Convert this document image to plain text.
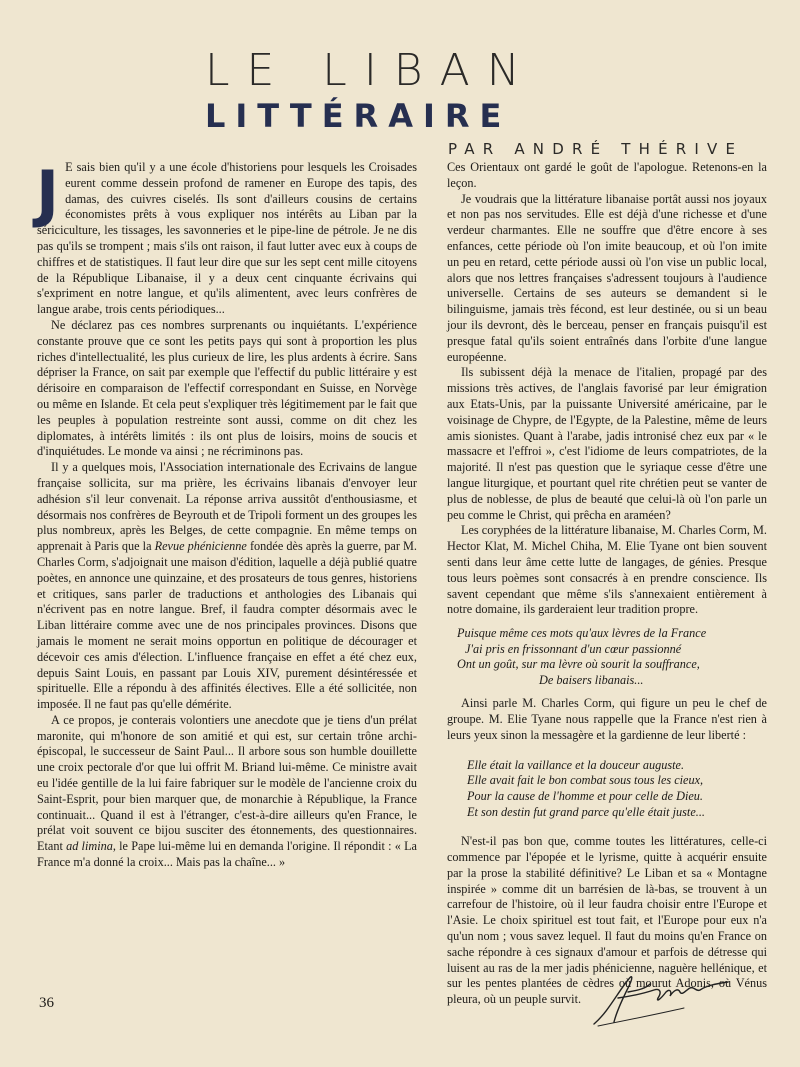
LE LIBAN
LITTÉRAIRE
PAR ANDRÉ THÉRIVE

J E sais bien qu'il y a une école d'historiens pour lesquels les Croisades eurent comme dessein profond de ramener en Europe des tapis, des damas, des cuivres ciselés. Ils sont d'ailleurs cousins de certains économistes prêts à vous expliquer nos intérêts au Liban par la sériciculture, les tissages, les savonneries et le pipe-line de pétrole. Je ne dis pas qu'ils se trompent ; mais s'ils ont raison, il faut lutter avec eux à coups de chiffres et de statistiques. Il faut leur dire que sur les sept cent mille citoyens de la République Libanaise, il y a deux cent cinquante écrivains qui s'expriment en notre langue, et qu'ils alimentent, avec leurs confrères de langue arabe, trois cents périodiques...

Ne déclarez pas ces nombres surprenants ou inquiétants. L'expérience constante prouve que ce sont les petits pays qui sont à proportion les plus riches d'intellectualité, les plus curieux de lire, les plus ardents à écrire. Sans dépriser la France, on sait par exemple que l'effectif du public littéraire y est dérisoire en comparaison de l'effectif correspondant en Suisse, en Norvège ou même en Islande. Et cela peut s'expliquer très légitimement par le fait que les peuples à population restreinte sont aussi, comme on dit chez les diplomates, à intérêts limités : ils ont plus de loisirs, moins de soucis et d'inquiétudes. Le monde va ainsi ; ne récriminons pas.

Il y a quelques mois, l'Association internationale des Ecrivains de langue française sollicita, sur ma prière, les écrivains libanais d'envoyer leur adhésion s'il leur convenait. La réponse arriva aussitôt d'enthousiasme, et désormais nos confrères de Beyrouth et de Tripoli forment un des groupes les plus nombreux, après les Belges, de cette compagnie. En même temps on apprenait à Paris que la Revue phénicienne fondée dès après la guerre, par M. Charles Corm, s'adjoignait une maison d'édition, laquelle a déjà publié quatre poètes, en annonce une quinzaine, et des prosateurs de tous genres, historiens et critiques, sans parler de traductions et anthologies des Libanais qui n'écrivent pas en notre langue. Bref, il faudra compter désormais avec le Liban littéraire comme avec une de nos principales provinces. Disons que jamais le moment ne serait moins opportun en politique de décourager et décevoir ces amis d'élection. L'influence française en effet a été chez eux, depuis Saint Louis, en passant par Louis XIV, purement désintéressée et spirituelle. Elle a répondu à des affinités électives. Elle a été sollicitée, non imposée. Il ne faut pas qu'elle démérite.

A ce propos, je conterais volontiers une anecdote que je tiens d'un prélat maronite, qui m'honore de son amitié et qui est, sur certain trône archi-épiscopal, le successeur de Saint Paul... Il arbore sous son humble douillette une croix pectorale d'or que lui offrit M. Briand lui-même. Ce ministre avait eu l'idée gentille de la lui faire fabriquer sur le modèle de l'ancienne croix du Saint-Esprit, pour bien marquer que, de monarchie à République, la France continuait... Quand il est à l'étranger, c'est-à-dire ailleurs qu'en France, le prélat voit souvent ce bijou susciter des étonnements, des questionnaires. Etant ad limina, le Pape lui-même lui en demanda l'origine. Il répondit : « La France m'a donné la croix... Mais pas la chaîne... »

Ces Orientaux ont gardé le goût de l'apologue. Retenons-en la leçon.

Je voudrais que la littérature libanaise portât aussi nos joyaux et non pas nos servitudes. Elle est déjà d'une richesse et d'une verdeur charmantes. Elle ne souffre que d'être encore à ses enfances, cette période où l'on imite beaucoup, et où l'on imite un peu en retard, cette période aussi où l'on vise un public local, alors que nos lettres françaises s'adressent toujours à l'audience universelle. Certains de ses auteurs se demandent si le bilinguisme, jamais très fécond, est leur destinée, ou si un beau jour ils devront, dès le berceau, penser en français puisqu'il est presque fatal qu'ils soient entraînés dans l'orbite d'une langue européenne.

Ils subissent déjà la menace de l'italien, propagé par des missions très actives, de l'anglais favorisé par leur émigration aux Etats-Unis, par la puissante Université américaine, par le voisinage de Chypre, de l'Egypte, de la Palestine, même de leurs amis sionistes. Quant à l'arabe, jadis intronisé chez eux par « le massacre et l'effroi », c'est l'idiome de leurs compatriotes, de la majorité. Il n'est pas question que le syriaque cesse d'être une langue liturgique, et pourtant quel rite chrétien peut se vanter de plus de noblesse, de plus de beauté que celui-là où l'on parle un peu comme le Christ, qui prêcha en araméen?

Les coryphées de la littérature libanaise, M. Charles Corm, M. Hector Klat, M. Michel Chiha, M. Elie Tyane ont bien souvent senti dans leur âme cette lutte de langages, de génies. Presque tous leurs poèmes sont consacrés à en prendre conscience. Ils savent cependant que même s'ils s'annexaient entièrement à notre domaine, ils garderaient leur tradition propre.

Puisque même ces mots qu'aux lèvres de la France
J'ai pris en frissonnant d'un cœur passionné
Ont un goût, sur ma lèvre où sourit la souffrance,
De baisers libanais...

Ainsi parle M. Charles Corm, qui figure un peu le chef de groupe. M. Elie Tyane nous rappelle que la France n'est rien à leurs yeux sinon la messagère et la gardienne de leur liberté :

Elle était la vaillance et la douceur auguste.
Elle avait fait le bon combat sous tous les cieux,
Pour la cause de l'homme et pour celle de Dieu.
Et son destin fut grand parce qu'elle était juste...

N'est-il pas bon que, comme toutes les littératures, celle-ci commence par l'épopée et le lyrisme, quitte à acquérir ensuite par la prose la stabilité définitive? Le Liban et sa « Montagne inspirée » comme dit un barrésien de là-bas, se trouvent à un carrefour de l'histoire, où il leur faudra choisir entre l'Europe et l'Asie. Le choix spirituel est tout fait, et l'Europe pour eux n'a qu'un nom ; vous savez lequel. Il faut du moins qu'en France on sache répondre à ces signaux d'amour et parfois de détresse qui luisent au ras de la mer jadis phénicienne, naguère hellénique, et sur les pentes plantées de cèdres où mourut Adonis, où Vénus pleura, où un peuple survit.

36
